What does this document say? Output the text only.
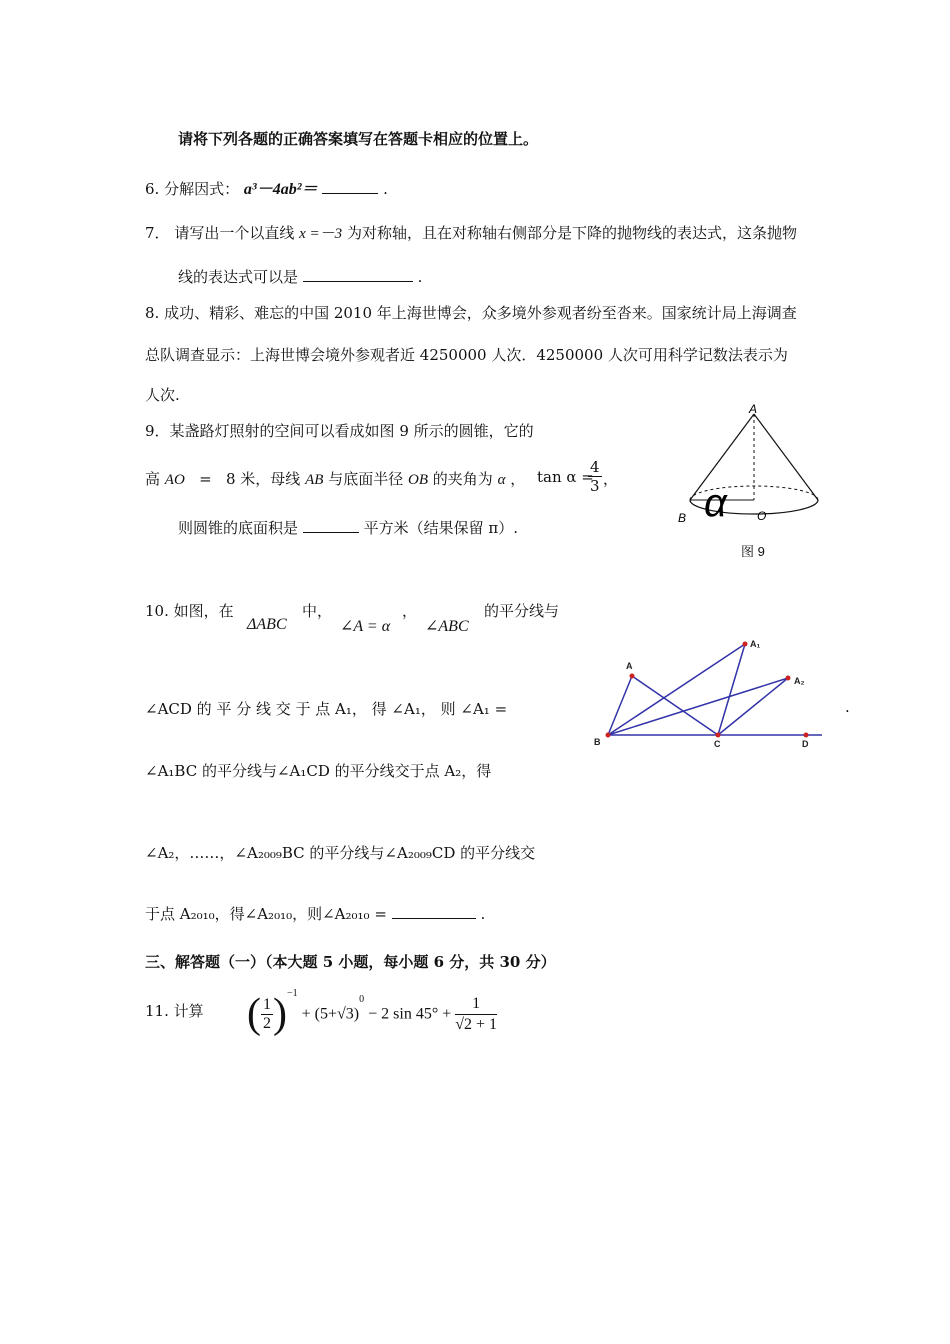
请将下列各题的正确答案填写在答题卡相应的位置上。
6. 分解因式： a³－4ab²＝	.
7． 请写出一个以直线 x =－3 为对称轴，且在对称轴右侧部分是下降的抛物线的表达式，这条抛物
线的表达式可以是	.
8. 成功、精彩、难忘的中国 2010 年上海世博会，众多境外参观者纷至沓来。国家统计局上海调查
总队调查显示：上海世博会境外参观者近 4250000 人次．4250000 人次可用科学记数法表示为
人次.
9．某盏路灯照射的空间可以看成如图 9 所示的圆锥，它的
高 AO = 8 米，母线 AB 与底面半径 OB 的夹角为 α ， tan α =
$\frac{4}{3}$ ，
则圆锥的底面积是	平方米（结果保留 π）.
A
B	O
α
图 9
10. 如图，在
ΔABC
中，
∠A = α
，
∠ABC
的平分线与
∠ACD 的 平 分 线 交 于 点 A₁， 得 ∠A₁， 则 ∠A₁ =	.
∠A₁BC 的平分线与∠A₁CD 的平分线交于点 A₂，得
∠A₂，……，∠A₂₀₀₉BC 的平分线与∠A₂₀₀₉CD 的平分线交
于点 A₂₀₁₀，得∠A₂₀₁₀，则∠A₂₀₁₀ =	.
A
A₁
A₂
B	C	D
三、解答题（一）（本大题 5 小题，每小题 6 分，共 30 分）
11. 计算 ( $\frac{1}{2} )^{-1} + (5+√3)^0 - 2$ $\sin 45^\circ + \frac{1}{√2 + 1}$
